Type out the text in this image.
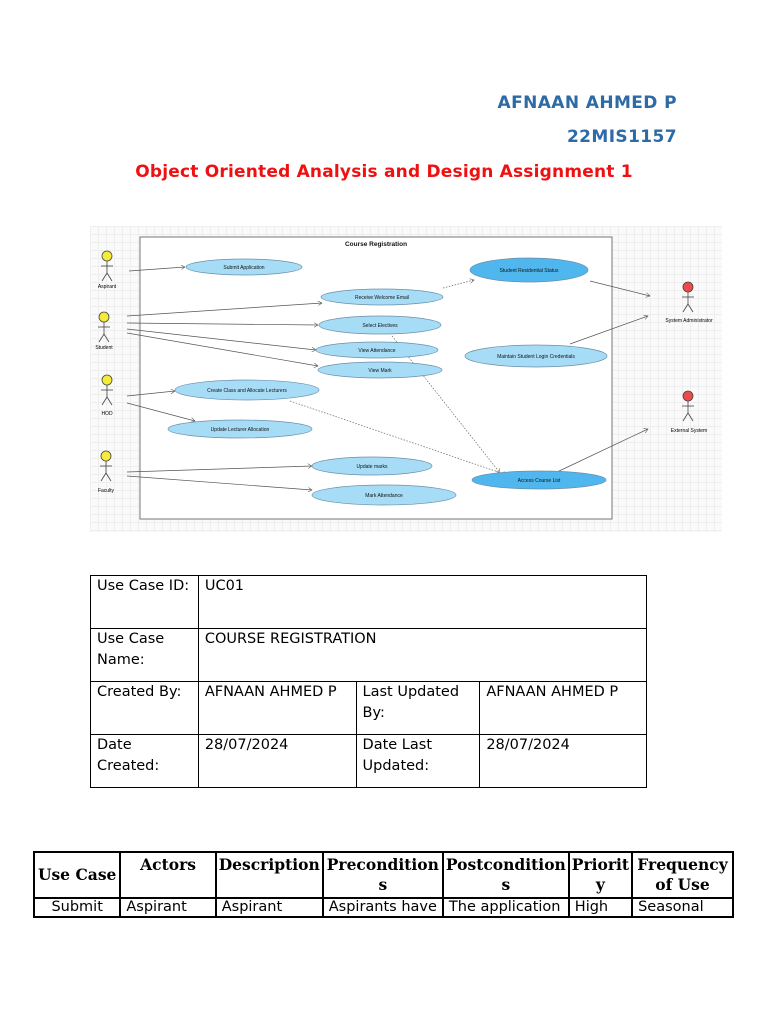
AFNAAN AHMED P
22MIS1157
Object Oriented Analysis and Design Assignment 1
Course Registration
Aspirant
Student
HOD
Faculty
System Administrator
External System
Submit Application
Receive Welcome Email
Select Electives
View Attendance
View Mark
Create Class and Allocate Lecturers
Update Lecturer Allocation
Update marks
Mark Attendance
Student Residential Status
Maintain Student Login Credentials
Access Course List
Use Case ID:	UC01		
Use Case Name:	COURSE REGISTRATION		
Created By:	AFNAAN AHMED P	Last Updated By:	AFNAAN AHMED P
Date Created:	28/07/2024	Date Last Updated:	28/07/2024
Use Case	Actors	Description	Precondition s	Postcondition s	Priorit y	Frequency of Use
Submit	Aspirant	Aspirant	Aspirants have	The application	High	Seasonal
